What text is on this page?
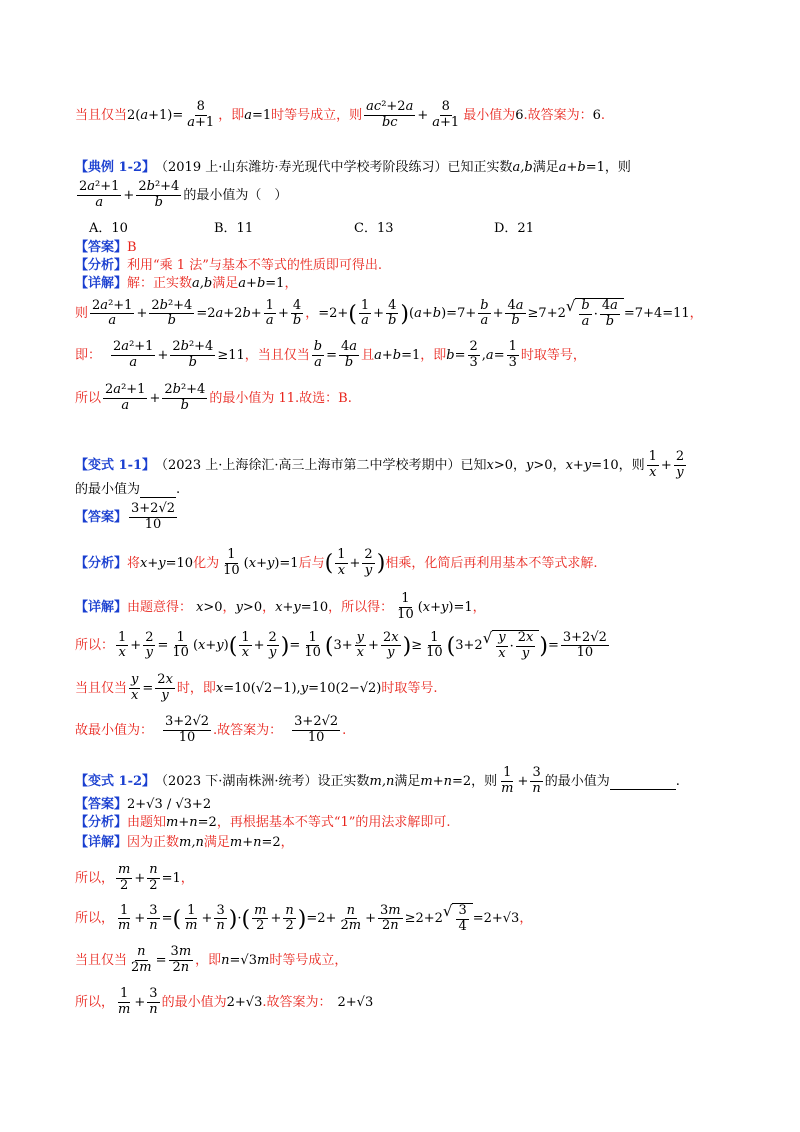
当且仅当 $2(a+1)= \frac{8}{a+1}$ ，即 a=1 时等号成立，则 $\frac{\text{ac²+2a}}{bc} + \frac{8}{a+1}$ 最小值为 6 .故答案为： 6 .
【典例 1-2】 （2019 上·山东潍坊·寿光现代中学校考阶段练习）已知正实数 a,b 满足 a+b=1 ，则
$\frac{\text{2a²+1}}{a} + \frac{\text{2b²+4}}{b}$ 的最小值为（　）
A．10	B．11	C．13	D．21
【答案】 B
【分析】 利用“乘 1 法”与基本不等式的性质即可得出.
【详解】 解：正实数 a,b 满足 a+b=1 ，
则 $\frac{\text{2a²+1}}{a} + \frac{\text{2b²+4}}{b} =2$ a +2 $b + \frac{1}{a} + \frac{4}{b}$ ， =2+ ( $\frac{1}{a} + \frac{4}{b}$ ) ( a + b )$=7+ \frac{b}{a} + \frac{4a}{b} \ge 7+2$ √ $\frac{b}{a} \cdot \frac{4a}{b} =7+4=11$ ，
即： $\frac{\text{2a²+1}}{a} + \frac{\text{2b²+4}}{b} \ge 11$ ，当且仅当 $\frac{b}{a} = \frac{4a}{b}$ 且 a+b=1 ，即 $b = \frac{2}{3}$ , $a = \frac{1}{3}$ 时取等号，
所以 $\frac{\text{2a²+1}}{a} + \frac{\text{2b²+4}}{b}$ 的最小值为 11.故选：B.
【变式 1-1】 （2023 上·上海徐汇·高三上海市第二中学校考期中）已知 x>0 ， y>0 ， x+y=10 ，则 $\frac{1}{x} + \frac{2}{y}$
的最小值为
	.
【答案】 $\frac{3+2√2}{10}$
【分析】 将 x+y=10 化为 $\frac{1}{10}$ ( x + y )=1 后与 ( $\frac{1}{x} + \frac{2}{y}$ ) 相乘，化简后再利用基本不等式求解.
【详解】 由题意得： x>0 ， y>0 ， x+y=10 ，所以得： $\frac{1}{10}$ ( x + y )=1 ，
所以： $\frac{1}{x} + \frac{2}{y} = \frac{1}{10}$ ( x + y ) ( $\frac{1}{x} + \frac{2}{y}$ ) = $\frac{1}{10}$ ( $3+ \frac{y}{x} + \frac{2x}{y}$ ) ≥ $\frac{1}{10}$ ( 3+2 √ $\frac{y}{x} \cdot \frac{2x}{y}$ ) = $\frac{3+2√2}{10}$
当且仅当 $\frac{y}{x} = \frac{2x}{y}$ 时，即 x=10(√2−1),y=10(2−√2) 时取等号.
故最小值为： $\frac{3+2√2}{10}$ .故答案为： $\frac{3+2√2}{10}$ .
【变式 1-2】 （2023 下·湖南株洲·统考）设正实数 m,n 满足 m+n=2 ，则 $\frac{1}{m} + \frac{3}{n}$ 的最小值为
	.
【答案】 2+√3 / √3+2
【分析】 由题知 m+n=2 ，再根据基本不等式“1”的用法求解即可.
【详解】 因为正数 m,n 满足 m+n=2 ，
所以， $\frac{m}{2} + \frac{n}{2} =1$ ，
所以， $\frac{1}{m} + \frac{3}{n}$ = ( $\frac{1}{m} + \frac{3}{n}$ ) · ( $\frac{m}{2} + \frac{n}{2}$ ) $=2+ \frac{n}{2m} + \frac{3m}{2n} \ge 2+2$ √ $\frac{3}{4} =2+√3$ ，
当且仅当 $\frac{n}{2m} = \frac{3m}{2n}$ ，即 n=√3m 时等号成立，
所以， $\frac{1}{m} + \frac{3}{n}$ 的最小值为 2+√3 .故答案为： 2+√3
